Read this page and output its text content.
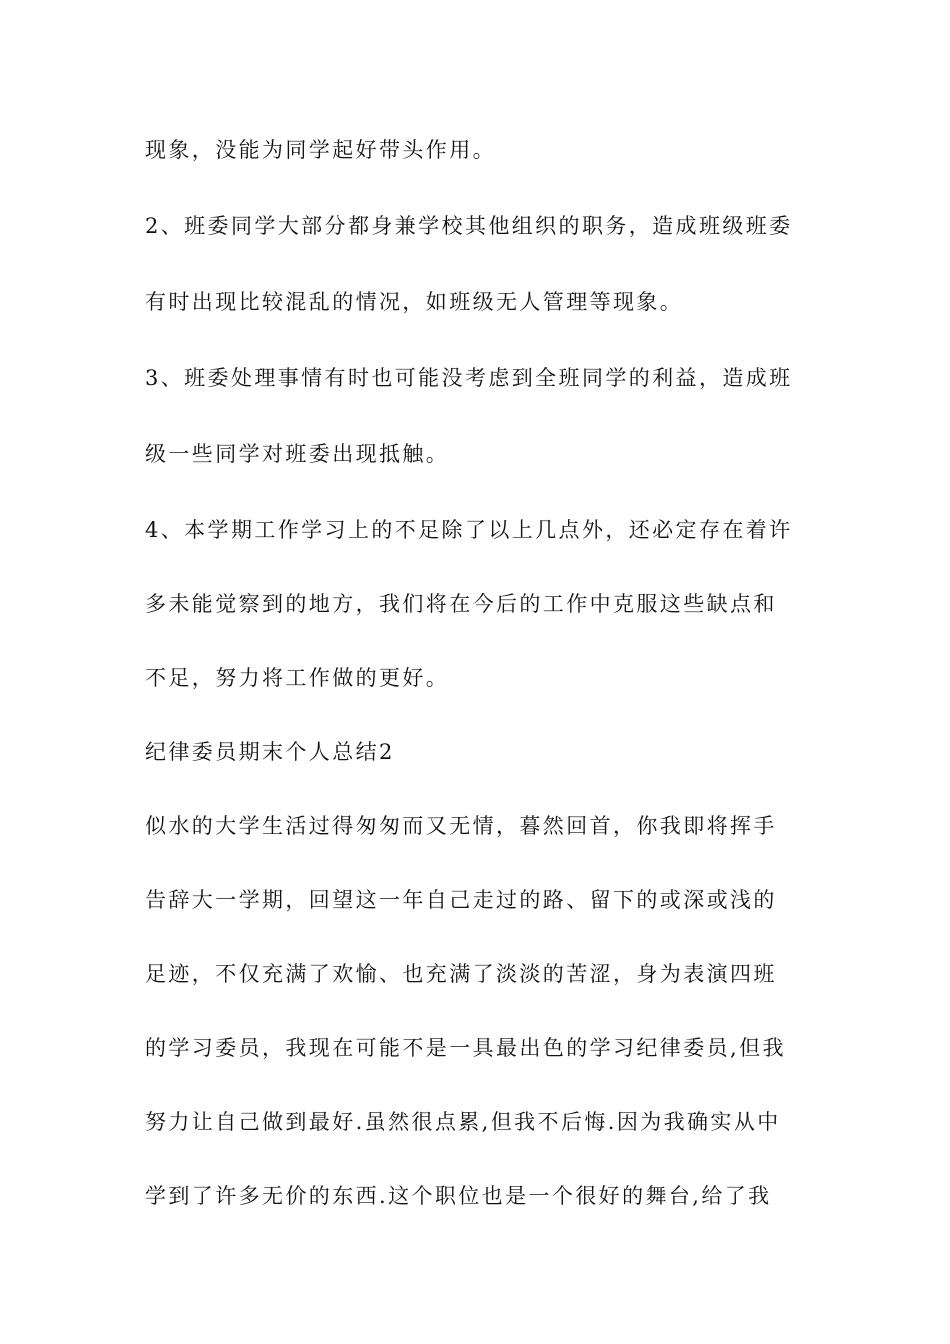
现象，没能为同学起好带头作用。
2、班委同学大部分都身兼学校其他组织的职务，造成班级班委
有时出现比较混乱的情况，如班级无人管理等现象。
3、班委处理事情有时也可能没考虑到全班同学的利益，造成班
级一些同学对班委出现抵触。
4、本学期工作学习上的不足除了以上几点外，还必定存在着许
多未能觉察到的地方，我们将在今后的工作中克服这些缺点和
不足，努力将工作做的更好。
纪律委员期末个人总结2
似水的大学生活过得匆匆而又无情，暮然回首，你我即将挥手
告辞大一学期，回望这一年自己走过的路、留下的或深或浅的
足迹，不仅充满了欢愉、也充满了淡淡的苦涩，身为表演四班
的学习委员，我现在可能不是一具最出色的学习纪律委员,但我
努力让自己做到最好.虽然很点累,但我不后悔.因为我确实从中
学到了许多无价的东西.这个职位也是一个很好的舞台,给了我
